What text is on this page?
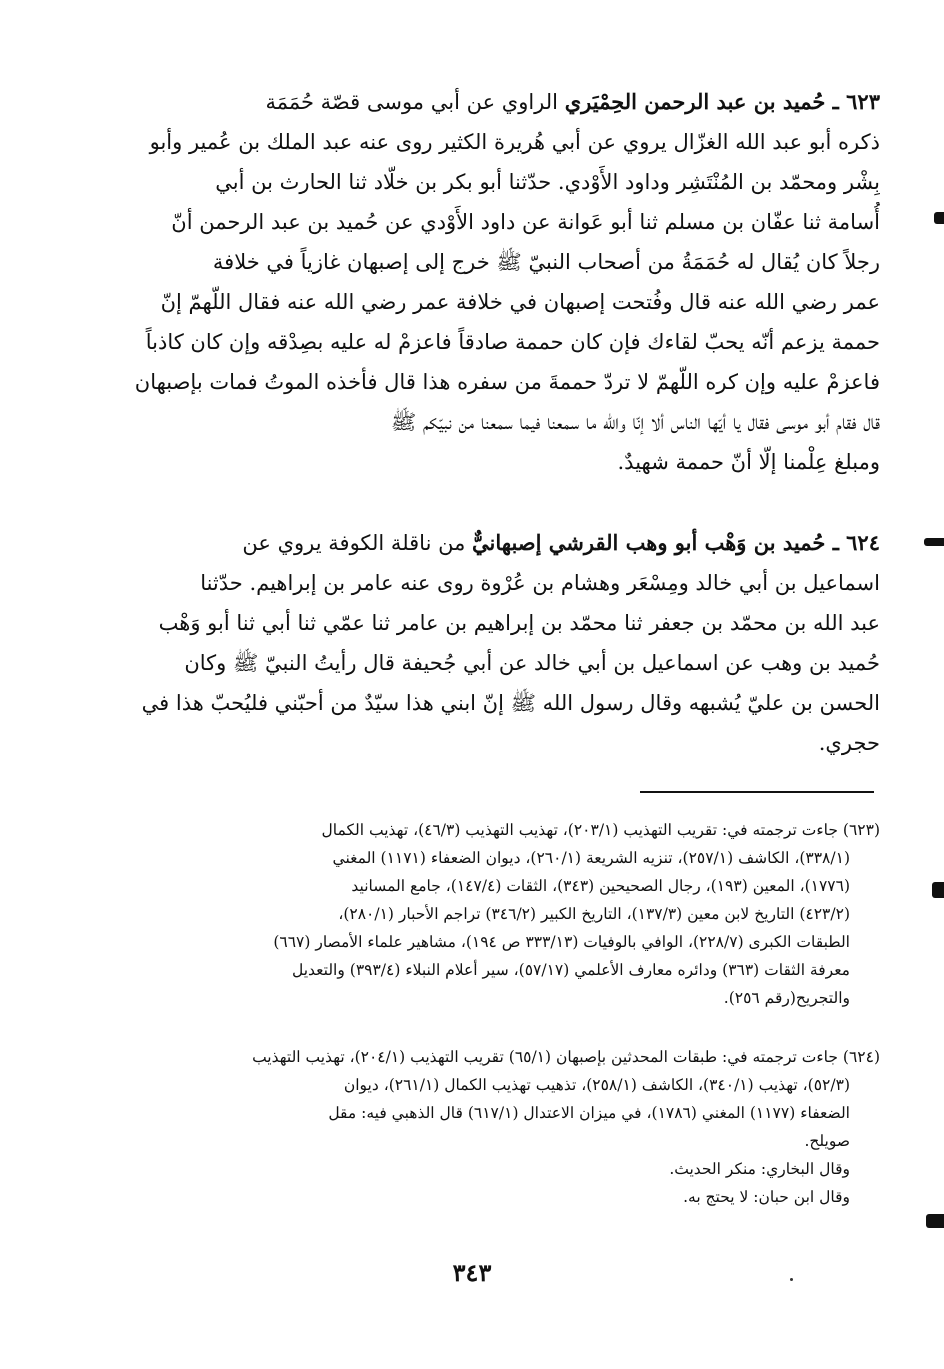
٦٢٣ ـ حُميد بن عبد الرحمن الحِمْيَري الراوي عن أبي موسى قصّة حُمَمَة
ذكره أبو عبد الله الغزّال يروي عن أبي هُريرة الكثير روى عنه عبد الملك بن عُمير وأبو
بِشْر ومحمّد بن المُنْتَشِر وداود الأَوْدي. حدّثنا أبو بكر بن خلّاد ثنا الحارث بن أبي
أُسامة ثنا عفّان بن مسلم ثنا أبو عَوانة عن داود الأَوْدي عن حُميد بن عبد الرحمن أنّ
رجلاً كان يُقال له حُمَمَةُ من أصحاب النبيّ ﷺ خرج إلى إصبهان غازياً في خلافة
عمر رضي الله عنه قال وفُتحت إصبهان في خلافة عمر رضي الله عنه فقال اللّهمّ إنّ
حممة يزعم أنّه يحبّ لقاءك فإن كان حممة صادقاً فاعزمْ له عليه بصِدْقه وإن كان كاذباً
فاعزمْ عليه وإن كره اللّهمّ لا تردّ حممةَ من سفره هذا قال فأخذه الموتُ فمات بإصبهان
قال فقام أبو موسى فقال يا أيّها الناس ألا إنّا والله ما سمعنا فيما سمعنا من نبيّكم ﷺ
ومبلغ عِلْمنا إلّا أنّ حممة شهيدٌ.
٦٢٤ ـ حُميد بن وَهْب أبو وهب القرشي إصبهانيٌّ من ناقلة الكوفة يروي عن
اسماعيل بن أبي خالد ومِسْعَر وهشام بن عُرْوة روى عنه عامر بن إبراهيم. حدّثنا
عبد الله بن محمّد بن جعفر ثنا محمّد بن إبراهيم بن عامر ثنا عمّي ثنا أبي ثنا أبو وَهْب
حُميد بن وهب عن اسماعيل بن أبي خالد عن أبي جُحيفة قال رأيتُ النبيّ ﷺ وكان
الحسن بن عليّ يُشبهه وقال رسول الله ﷺ إنّ ابني هذا سيّدٌ من أحبّني فليُحبّ هذا في
حجري.
(٦٢٣) جاءت ترجمته في: تقريب التهذيب (٢٠٣/١)، تهذيب التهذيب (٤٦/٣)، تهذيب الكمال
(٣٣٨/١)، الكاشف (٢٥٧/١)، تنزيه الشريعة (٢٦٠/١)، ديوان الضعفاء (١١٧١) المغني
(١٧٧٦)، المعين (١٩٣)، رجال الصحيحين (٣٤٣)، الثقات (١٤٧/٤)، جامع المسانيد
(٤٢٣/٢) التاريخ لابن معين (١٣٧/٣)، التاريخ الكبير (٣٤٦/٢) تراجم الأحبار (٢٨٠/١)،
الطبقات الكبرى (٢٢٨/٧)، الوافي بالوفيات (٣٣٣/١٣ ص ١٩٤)، مشاهير علماء الأمصار (٦٦٧)
معرفة الثقات (٣٦٣) ودائره معارف الأعلمي (٥٧/١٧)، سير أعلام النبلاء (٣٩٣/٤) والتعديل
والتجريح(رقم ٢٥٦).
(٦٢٤) جاءت ترجمته في: طبقات المحدثين بإصبهان (٦٥/١) تقريب التهذيب (٢٠٤/١)، تهذيب التهذيب
(٥٢/٣)، تهذيب (٣٤٠/١)، الكاشف (٢٥٨/١)، تذهيب تهذيب الكمال (٢٦١/١)، ديوان
الضعفاء (١١٧٧) المغني (١٧٨٦)، في ميزان الاعتدال (٦١٧/١) قال الذهبي فيه: مقل
صويلح.
وقال البخاري: منكر الحديث.
وقال ابن حبان: لا يحتج به.
٣٤٣
